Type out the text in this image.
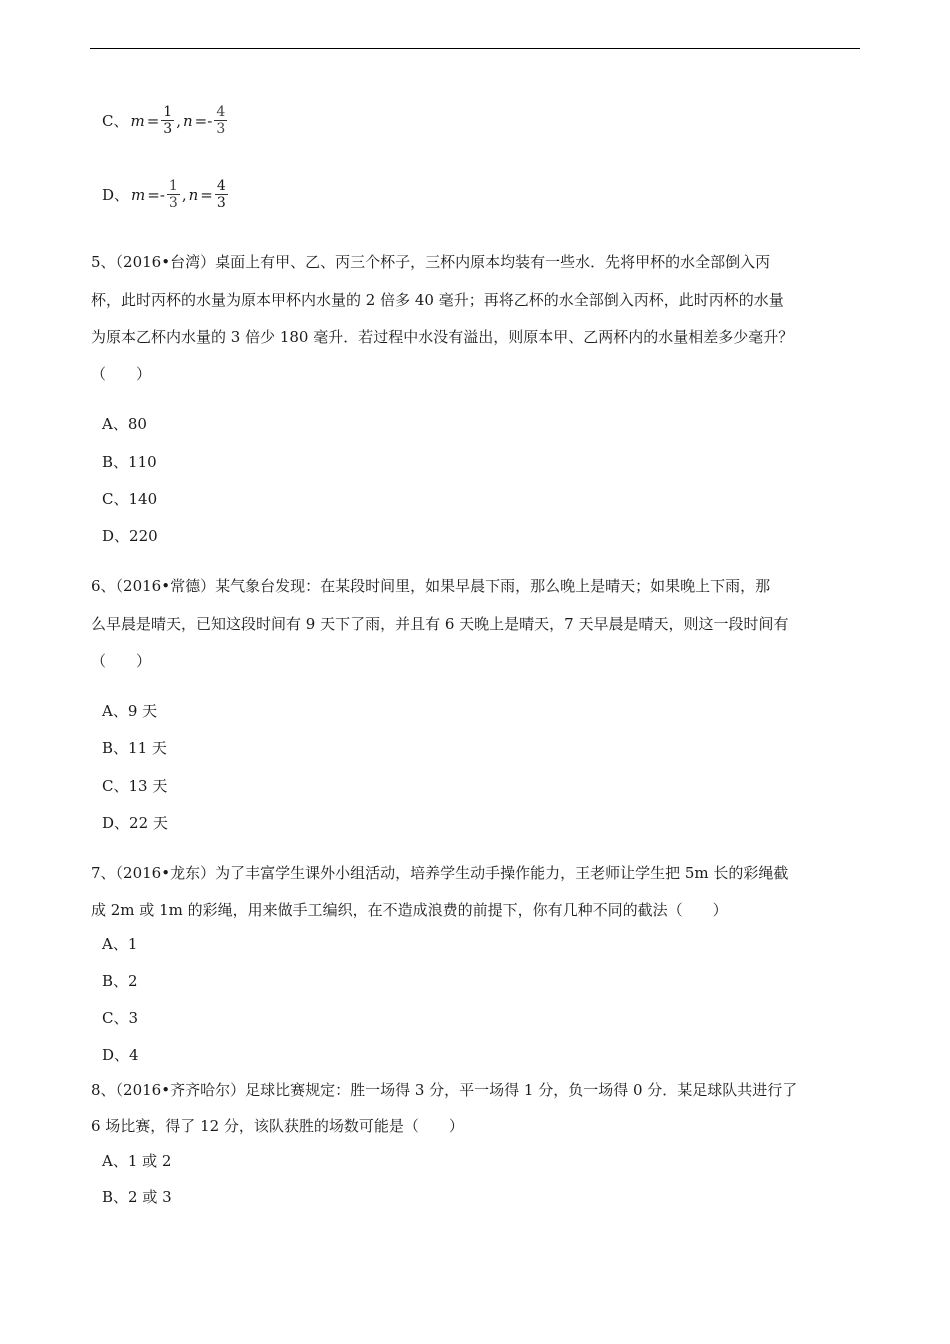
C、 $m = \frac{1}{3}$ , $n =- \frac{4}{3}$
D、 $m =- \frac{1}{3}$ , $n = \frac{4}{3}$
5、（2016•台湾）桌面上有甲、乙、丙三个杯子，三杯内原本均装有一些水．先将甲杯的水全部倒入丙
杯，此时丙杯的水量为原本甲杯内水量的 2 倍多 40 毫升；再将乙杯的水全部倒入丙杯，此时丙杯的水量
为原本乙杯内水量的 3 倍少 180 毫升．若过程中水没有溢出，则原本甲、乙两杯内的水量相差多少毫升？
（　　）
A、80
B、110
C、140
D、220
6、（2016•常德）某气象台发现：在某段时间里，如果早晨下雨，那么晚上是晴天；如果晚上下雨，那
么早晨是晴天，已知这段时间有 9 天下了雨，并且有 6 天晚上是晴天，7 天早晨是晴天，则这一段时间有
（　　）
A、9 天
B、11 天
C、13 天
D、22 天
7、（2016•龙东）为了丰富学生课外小组活动，培养学生动手操作能力，王老师让学生把 5m 长的彩绳截
成 2m 或 1m 的彩绳，用来做手工编织，在不造成浪费的前提下，你有几种不同的截法（　　）
A、1
B、2
C、3
D、4
8、（2016•齐齐哈尔）足球比赛规定：胜一场得 3 分，平一场得 1 分，负一场得 0 分．某足球队共进行了
6 场比赛，得了 12 分，该队获胜的场数可能是（　　）
A、1 或 2
B、2 或 3
